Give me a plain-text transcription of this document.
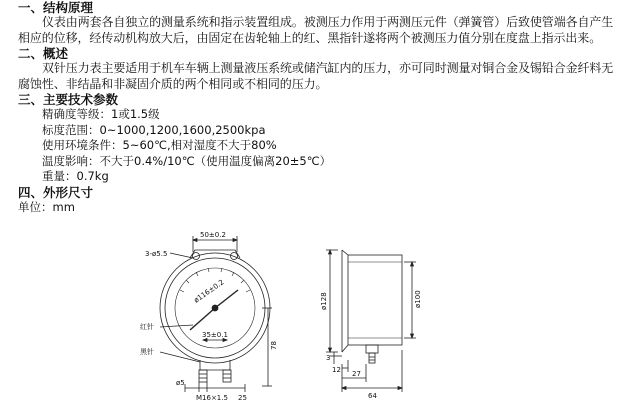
一、结构原理

仪表由两套各自独立的测量系统和指示装置组成。被测压力作用于两测压元件（弹簧管）后致使管端各自产生相应的位移，经传动机构放大后，由固定在齿轮轴上的红、黑指针遂将两个被测压力值分别在度盘上指示出来。

二、概述

双针压力表主要适用于机车车辆上测量液压系统或储汽缸内的压力，亦可同时测量对铜合金及锡铅合金纤料无腐蚀性、非结晶和非凝固介质的两个相同或不相同的压力。

三、主要技术参数

精确度等级：1或1.5级

标度范围：0~1000,1200,1600,2500kpa

使用环境条件：5~60℃,相对湿度不大于80%

温度影响：不大于0.4%/10℃（使用温度偏离20±5℃）

重量：0.7kg

四、外形尺寸

单位：mm

50±0.2
3-ø5.5
ø116±0.2
35±0.1
78
ø5
M16×1.5 25
红针
黑针
ø128	ø100
3
12 27
64
